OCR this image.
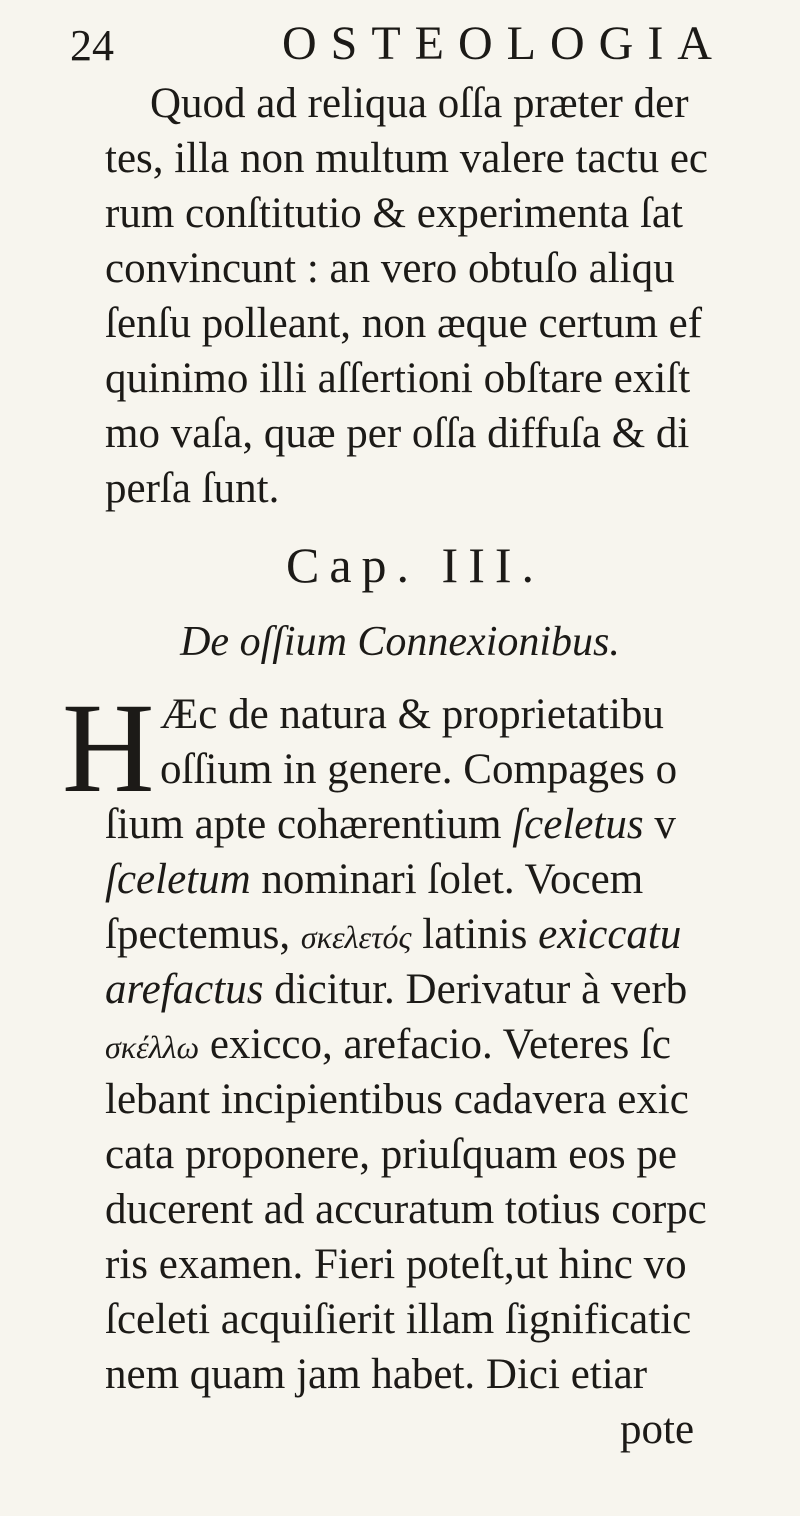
24	OSTEOLOGIA
Quod ad reliqua oſſa præter der
tes, illa non multum valere tactu ec
rum conſtitutio & experimenta ſat
convincunt : an vero obtuſo aliqu
ſenſu polleant, non æque certum ef
quinimo illi aſſertioni obſtare exiſt
mo vaſa, quæ per oſſa diffuſa & di
perſa ſunt.
Cap. III.
De oſſium Connexionibus.
H Æc de natura & proprietatibu
oſſium in genere. Compages o
ſium apte cohærentium ſceletus v
ſceletum nominari ſolet. Vocem
ſpectemus, σκελετός latinis exiccatu
arefactus dicitur. Derivatur à verb
σκέλλω exicco, arefacio. Veteres ſc
lebant incipientibus cadavera exic
cata proponere, priuſquam eos pe
ducerent ad accuratum totius corpc
ris examen. Fieri poteſt,ut hinc vo
ſceleti acquiſierit illam ſignificatic
nem quam jam habet. Dici etiar
pote
